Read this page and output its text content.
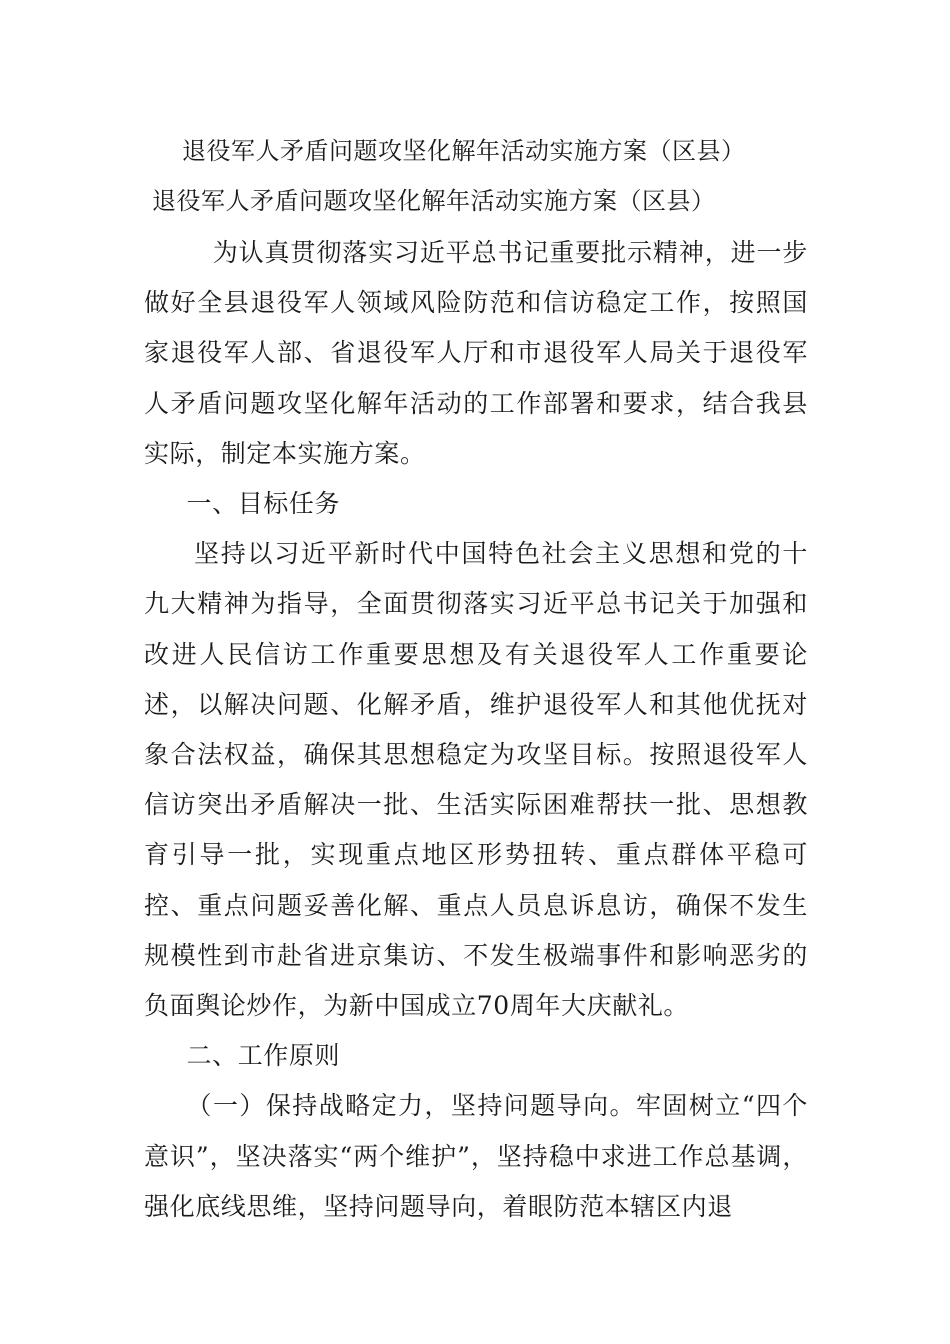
退役军人矛盾问题攻坚化解年活动实施方案（区县）
退役军人矛盾问题攻坚化解年活动实施方案（区县）

为认真贯彻落实习近平总书记重要批示精神，进一步做好全县退役军人领域风险防范和信访稳定工作，按照国家退役军人部、省退役军人厅和市退役军人局关于退役军人矛盾问题攻坚化解年活动的工作部署和要求，结合我县实际，制定本实施方案。

一、目标任务

坚持以习近平新时代中国特色社会主义思想和党的十九大精神为指导，全面贯彻落实习近平总书记关于加强和改进人民信访工作重要思想及有关退役军人工作重要论述，以解决问题、化解矛盾，维护退役军人和其他优抚对象合法权益，确保其思想稳定为攻坚目标。按照退役军人信访突出矛盾解决一批、生活实际困难帮扶一批、思想教育引导一批，实现重点地区形势扭转、重点群体平稳可控、重点问题妥善化解、重点人员息诉息访，确保不发生规模性到市赴省进京集访、不发生极端事件和影响恶劣的负面舆论炒作，为新中国成立70周年大庆献礼。

二、工作原则

（一）保持战略定力，坚持问题导向。牢固树立“四个意识”，坚决落实“两个维护”，坚持稳中求进工作总基调，强化底线思维，坚持问题导向，着眼防范本辖区内退
